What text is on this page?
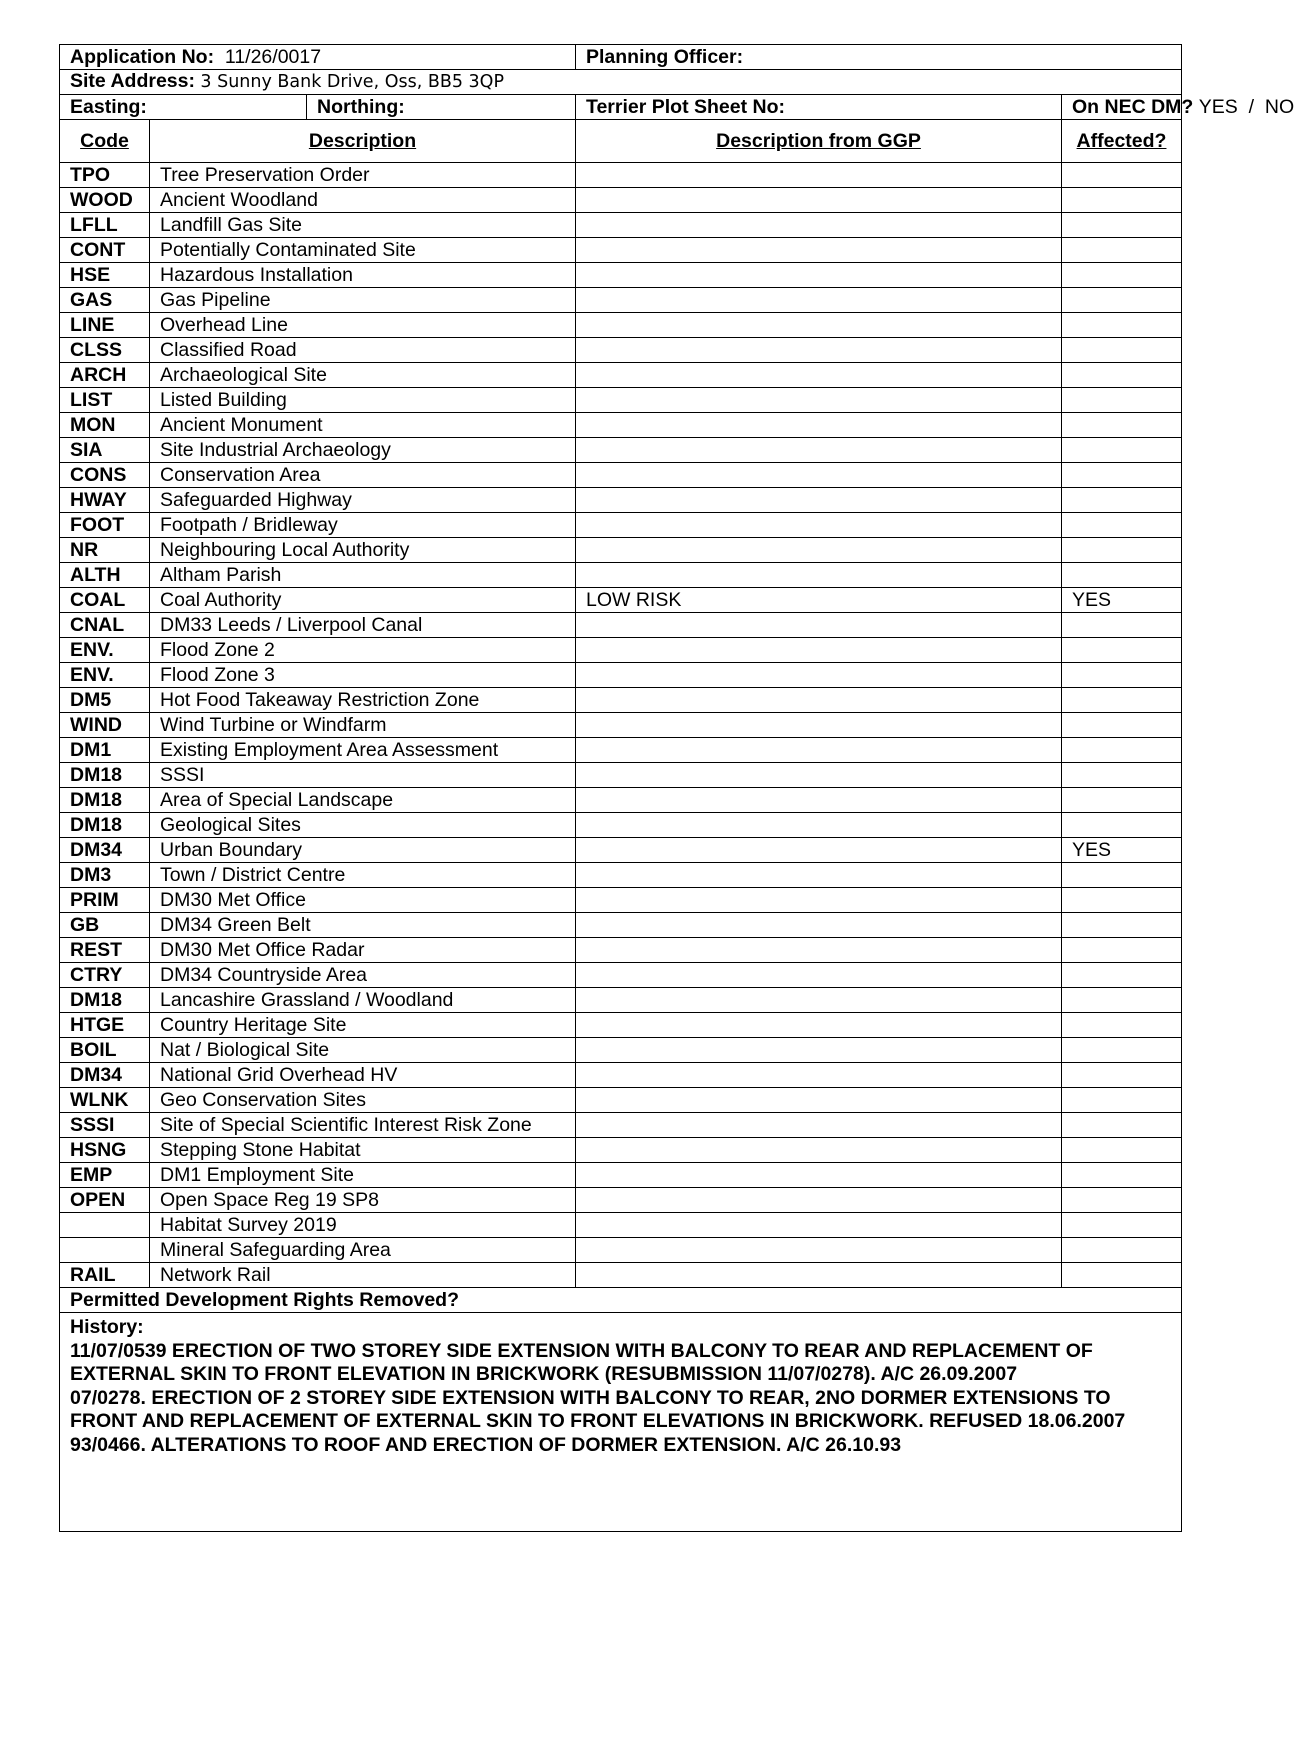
Application No: 11/26/0017			Planning Officer:	
Site Address: 3 Sunny Bank Drive, Oss, BB5 3QP				
Easting:		Northing:	Terrier Plot Sheet No:	On NEC DM? YES  /  NO
Code	Description		Description from GGP	Affected?
TPO	Tree Preservation Order			
WOOD	Ancient Woodland			
LFLL	Landfill Gas Site			
CONT	Potentially Contaminated Site			
HSE	Hazardous Installation			
GAS	Gas Pipeline			
LINE	Overhead Line			
CLSS	Classified Road			
ARCH	Archaeological Site			
LIST	Listed Building			
MON	Ancient Monument			
SIA	Site Industrial Archaeology			
CONS	Conservation Area			
HWAY	Safeguarded Highway			
FOOT	Footpath / Bridleway			
NR	Neighbouring Local Authority			
ALTH	Altham Parish			
COAL	Coal Authority		LOW RISK	YES
CNAL	DM33 Leeds / Liverpool Canal			
ENV.	Flood Zone 2			
ENV.	Flood Zone 3			
DM5	Hot Food Takeaway Restriction Zone			
WIND	Wind Turbine or Windfarm			
DM1	Existing Employment Area Assessment			
DM18	SSSI			
DM18	Area of Special Landscape			
DM18	Geological Sites			
DM34	Urban Boundary			YES
DM3	Town / District Centre			
PRIM	DM30 Met Office			
GB	DM34 Green Belt			
REST	DM30 Met Office Radar			
CTRY	DM34 Countryside Area			
DM18	Lancashire Grassland / Woodland			
HTGE	Country Heritage Site			
BOIL	Nat / Biological Site			
DM34	National Grid Overhead HV			
WLNK	Geo Conservation Sites			
SSSI	Site of Special Scientific Interest Risk Zone			
HSNG	Stepping Stone Habitat			
EMP	DM1 Employment Site			
OPEN	Open Space Reg 19 SP8			
	Habitat Survey 2019			
	Mineral Safeguarding Area			
RAIL	Network Rail			
Permitted Development Rights Removed?				

History:
11/07/0539 ERECTION OF TWO STOREY SIDE EXTENSION WITH BALCONY TO REAR AND REPLACEMENT OF EXTERNAL SKIN TO FRONT ELEVATION IN BRICKWORK (RESUBMISSION 11/07/0278). A/C 26.09.2007
07/0278. ERECTION OF 2 STOREY SIDE EXTENSION WITH BALCONY TO REAR, 2NO DORMER EXTENSIONS TO FRONT AND REPLACEMENT OF EXTERNAL SKIN TO FRONT ELEVATIONS IN BRICKWORK. REFUSED 18.06.2007
93/0466. ALTERATIONS TO ROOF AND ERECTION OF DORMER EXTENSION. A/C 26.10.93				
